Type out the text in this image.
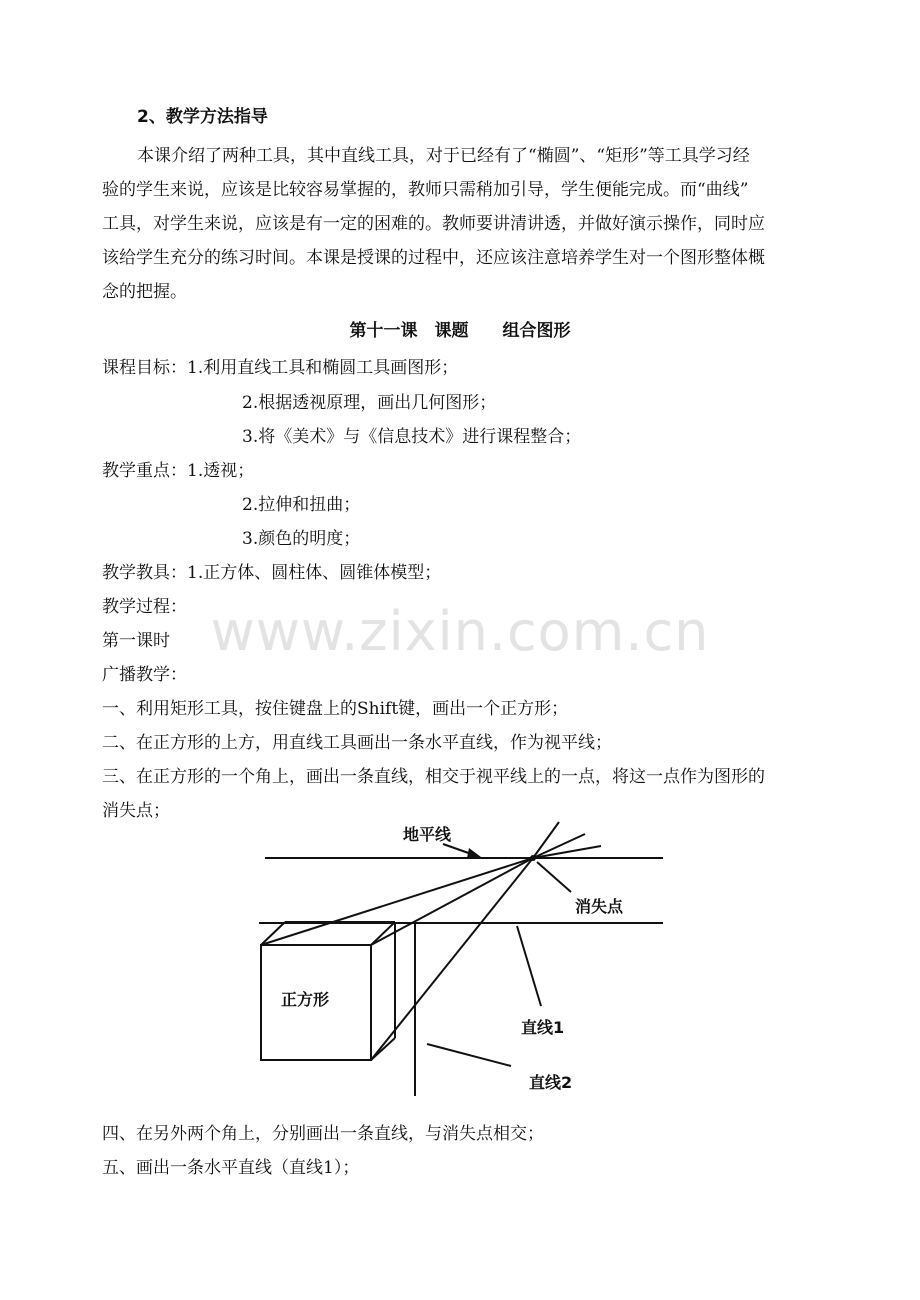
www.zixin.com.cn
2、教学方法指导
本课介绍了两种工具，其中直线工具，对于已经有了“椭圆”、“矩形”等工具学习经
验的学生来说，应该是比较容易掌握的，教师只需稍加引导，学生便能完成。而“曲线”
工具，对学生来说，应该是有一定的困难的。教师要讲清讲透，并做好演示操作，同时应
该给学生充分的练习时间。本课是授课的过程中，还应该注意培养学生对一个图形整体概
念的把握。
第十一课　课题　　组合图形
课程目标：1.利用直线工具和椭圆工具画图形；
2.根据透视原理，画出几何图形；
3.将《美术》与《信息技术》进行课程整合；
教学重点：1.透视；
2.拉伸和扭曲；
3.颜色的明度；
教学教具：1.正方体、圆柱体、圆锥体模型；
教学过程：
第一课时
广播教学：
一、利用矩形工具，按住键盘上的Shift键，画出一个正方形；
二、在正方形的上方，用直线工具画出一条水平直线，作为视平线；
三、在正方形的一个角上，画出一条直线，相交于视平线上的一点，将这一点作为图形的
消失点；
地平线
消失点
正方形
直线1
直线2
四、在另外两个角上，分别画出一条直线，与消失点相交；
五、画出一条水平直线（直线1）；
